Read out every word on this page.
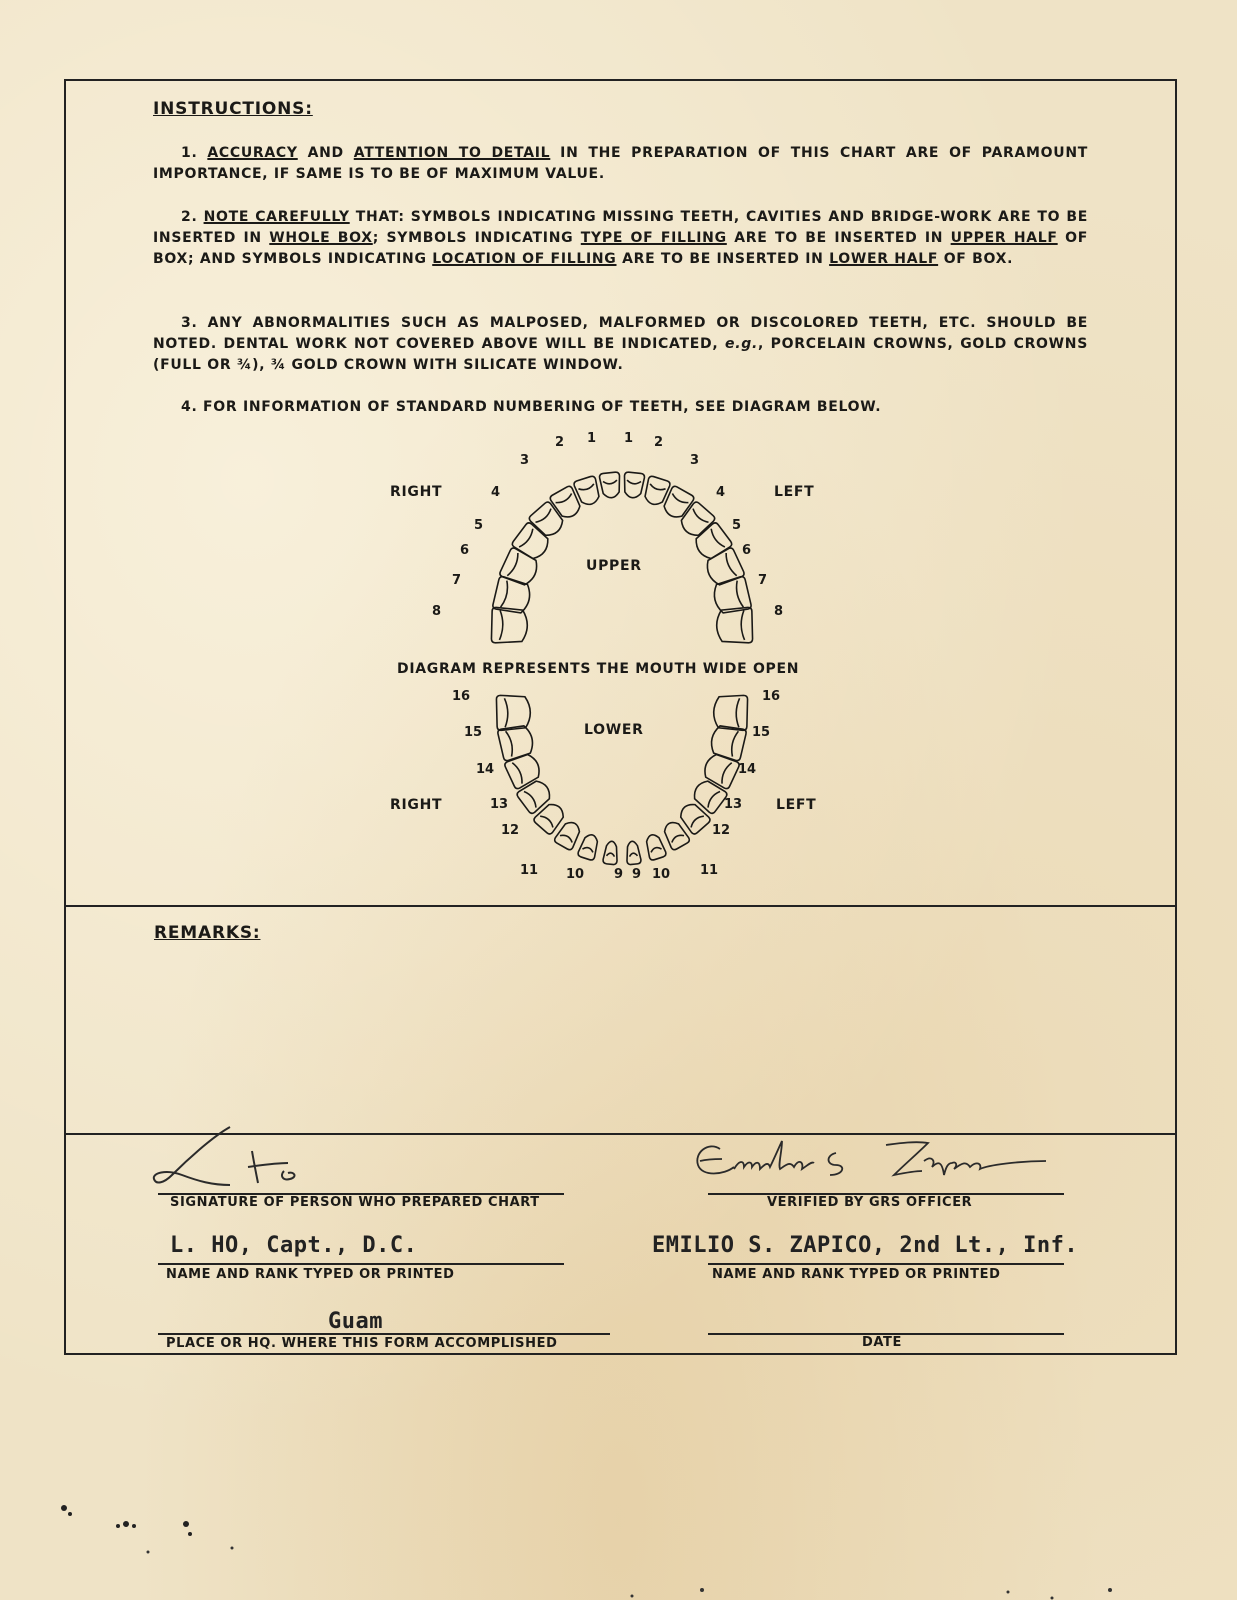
INSTRUCTIONS:
1. ACCURACY AND ATTENTION TO DETAIL IN THE PREPARATION OF THIS CHART ARE OF PARAMOUNT IMPORTANCE, IF SAME IS TO BE OF MAXIMUM VALUE.
2. NOTE CAREFULLY THAT: SYMBOLS INDICATING MISSING TEETH, CAVITIES AND BRIDGE-WORK ARE TO BE INSERTED IN WHOLE BOX; SYMBOLS INDICATING TYPE OF FILLING ARE TO BE INSERTED IN UPPER HALF OF BOX; AND SYMBOLS INDICATING LOCATION OF FILLING ARE TO BE INSERTED IN LOWER HALF OF BOX.
3. ANY ABNORMALITIES SUCH AS MALPOSED, MALFORMED OR DISCOLORED TEETH, ETC. SHOULD BE NOTED. DENTAL WORK NOT COVERED ABOVE WILL BE INDICATED, e.g., PORCELAIN CROWNS, GOLD CROWNS (FULL OR ¾), ¾ GOLD CROWN WITH SILICATE WINDOW.
4. FOR INFORMATION OF STANDARD NUMBERING OF TEETH, SEE DIAGRAM BELOW.
RIGHT	LEFT
UPPER
DIAGRAM REPRESENTS THE MOUTH WIDE OPEN
LOWER
RIGHT	LEFT
1
2
3
4
5
6
7
8
1 2
3
4
5
6
7
8
9
10
11
12
13
14
15
16
9 10 11
12
13
14
15
16
REMARKS:
SIGNATURE OF PERSON WHO PREPARED CHART	VERIFIED BY GRS OFFICER
L. HO, Capt., D.C.
NAME AND RANK TYPED OR PRINTED
EMILIO S. ZAPICO, 2nd Lt., Inf.
NAME AND RANK TYPED OR PRINTED
Guam
PLACE OR HQ. WHERE THIS FORM ACCOMPLISHED	DATE
